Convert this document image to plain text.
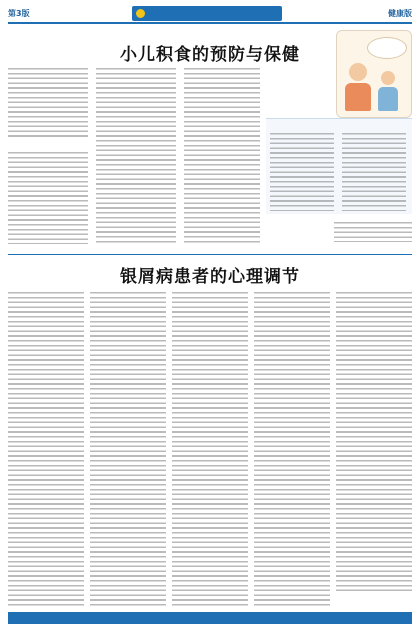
第3版	健康版
小儿积食的预防与保健
银屑病患者的心理调节
